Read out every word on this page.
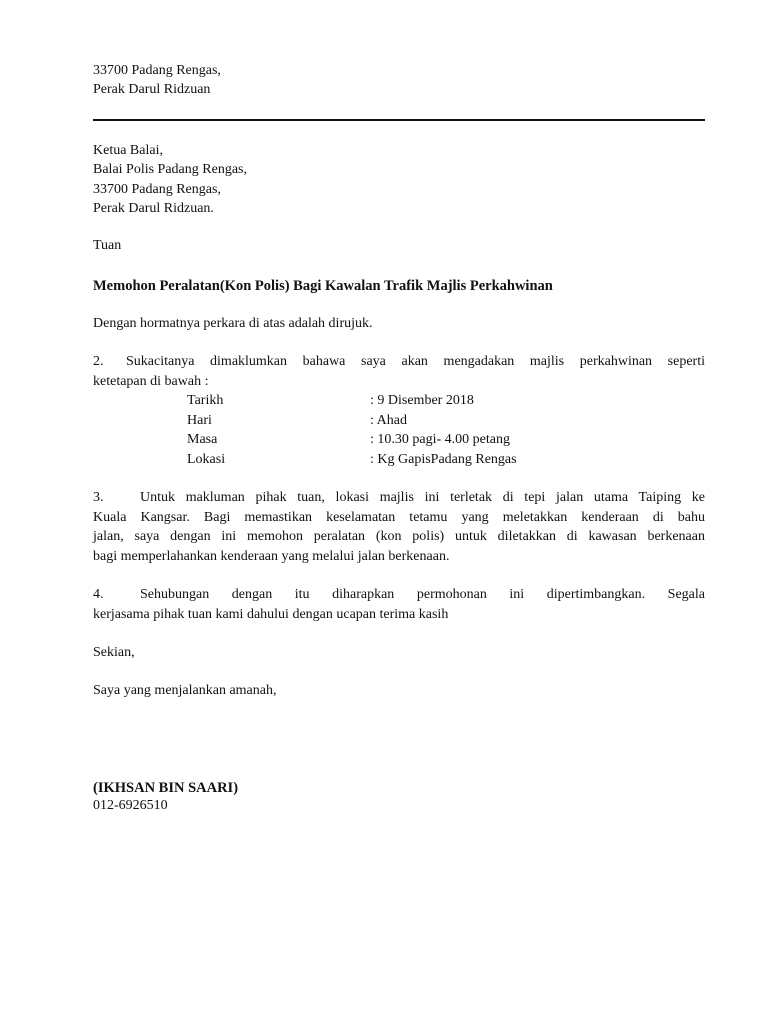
33700 Padang Rengas,
Perak Darul Ridzuan
Ketua Balai,
Balai Polis Padang Rengas,
33700 Padang Rengas,
Perak Darul Ridzuan.
Tuan
Memohon Peralatan(Kon Polis) Bagi Kawalan Trafik Majlis Perkahwinan
Dengan hormatnya perkara di atas adalah dirujuk.
2. Sukacitanya dimaklumkan bahawa saya akan mengadakan majlis perkahwinan seperti
ketetapan di bawah :
Tarikh	: 9 Disember 2018
Hari	: Ahad
Masa	: 10.30 pagi- 4.00 petang
Lokasi	: Kg GapisPadang Rengas
3.	Untuk makluman pihak tuan, lokasi majlis ini terletak di tepi jalan utama Taiping ke
Kuala Kangsar. Bagi memastikan keselamatan tetamu yang meletakkan kenderaan di bahu
jalan, saya dengan ini memohon peralatan (kon polis) untuk diletakkan di kawasan berkenaan
bagi memperlahankan kenderaan yang melalui jalan berkenaan.
4.	Sehubungan dengan itu diharapkan permohonan ini dipertimbangkan. Segala
kerjasama pihak tuan kami dahului dengan ucapan terima kasih
Sekian,
Saya yang menjalankan amanah,
(IKHSAN BIN SAARI)
012-6926510
